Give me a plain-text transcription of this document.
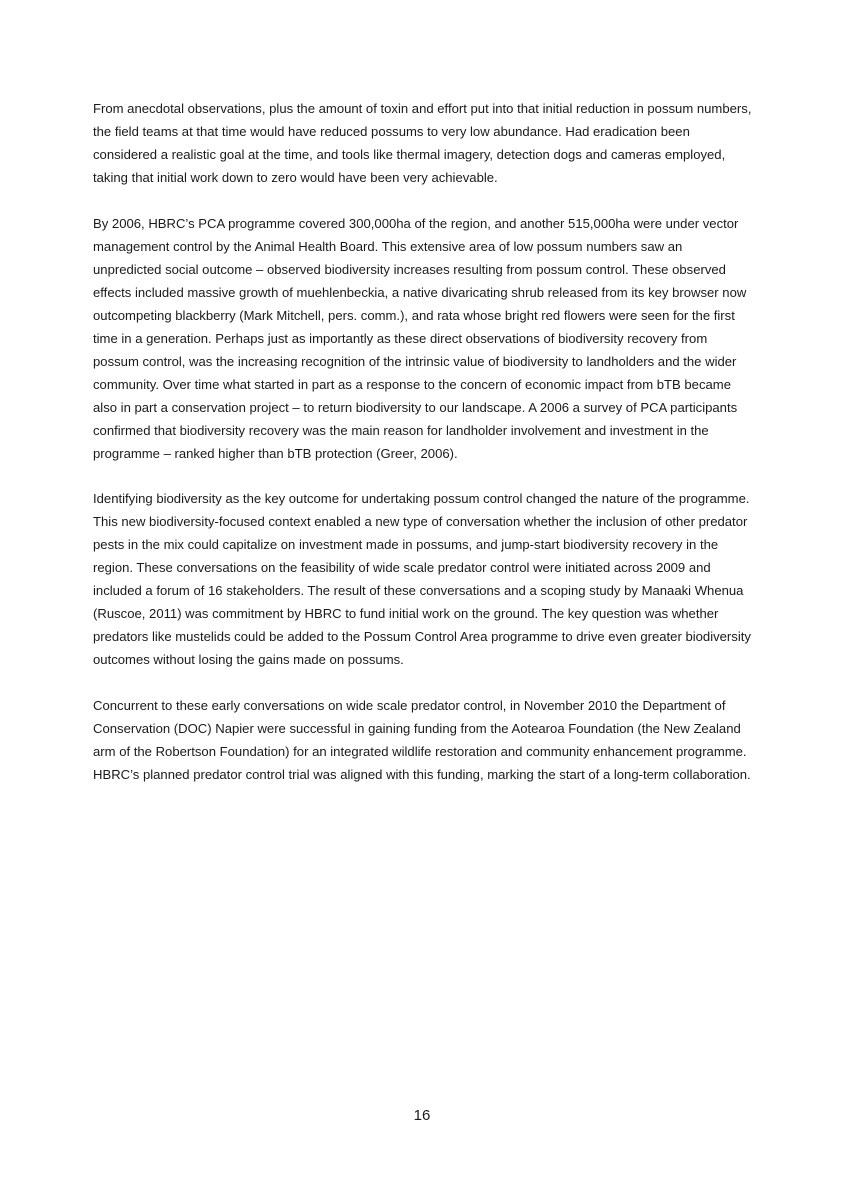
From anecdotal observations, plus the amount of toxin and effort put into that initial reduction in possum numbers, the field teams at that time would have reduced possums to very low abundance. Had eradication been considered a realistic goal at the time, and tools like thermal imagery, detection dogs and cameras employed, taking that initial work down to zero would have been very achievable.

By 2006, HBRC’s PCA programme covered 300,000ha of the region, and another 515,000ha were under vector management control by the Animal Health Board. This extensive area of low possum numbers saw an unpredicted social outcome – observed biodiversity increases resulting from possum control. These observed effects included massive growth of muehlenbeckia, a native divaricating shrub released from its key browser now outcompeting blackberry (Mark Mitchell, pers. comm.), and rata whose bright red flowers were seen for the first time in a generation. Perhaps just as importantly as these direct observations of biodiversity recovery from possum control, was the increasing recognition of the intrinsic value of biodiversity to landholders and the wider community. Over time what started in part as a response to the concern of economic impact from bTB became also in part a conservation project – to return biodiversity to our landscape. A 2006 a survey of PCA participants confirmed that biodiversity recovery was the main reason for landholder involvement and investment in the programme – ranked higher than bTB protection (Greer, 2006).

Identifying biodiversity as the key outcome for undertaking possum control changed the nature of the programme. This new biodiversity-focused context enabled a new type of conversation whether the inclusion of other predator pests in the mix could capitalize on investment made in possums, and jump-start biodiversity recovery in the region. These conversations on the feasibility of wide scale predator control were initiated across 2009 and included a forum of 16 stakeholders. The result of these conversations and a scoping study by Manaaki Whenua (Ruscoe, 2011) was commitment by HBRC to fund initial work on the ground. The key question was whether predators like mustelids could be added to the Possum Control Area programme to drive even greater biodiversity outcomes without losing the gains made on possums.

Concurrent to these early conversations on wide scale predator control, in November 2010 the Department of Conservation (DOC) Napier were successful in gaining funding from the Aotearoa Foundation (the New Zealand arm of the Robertson Foundation) for an integrated wildlife restoration and community enhancement programme. HBRC’s planned predator control trial was aligned with this funding, marking the start of a long-term collaboration.

16
